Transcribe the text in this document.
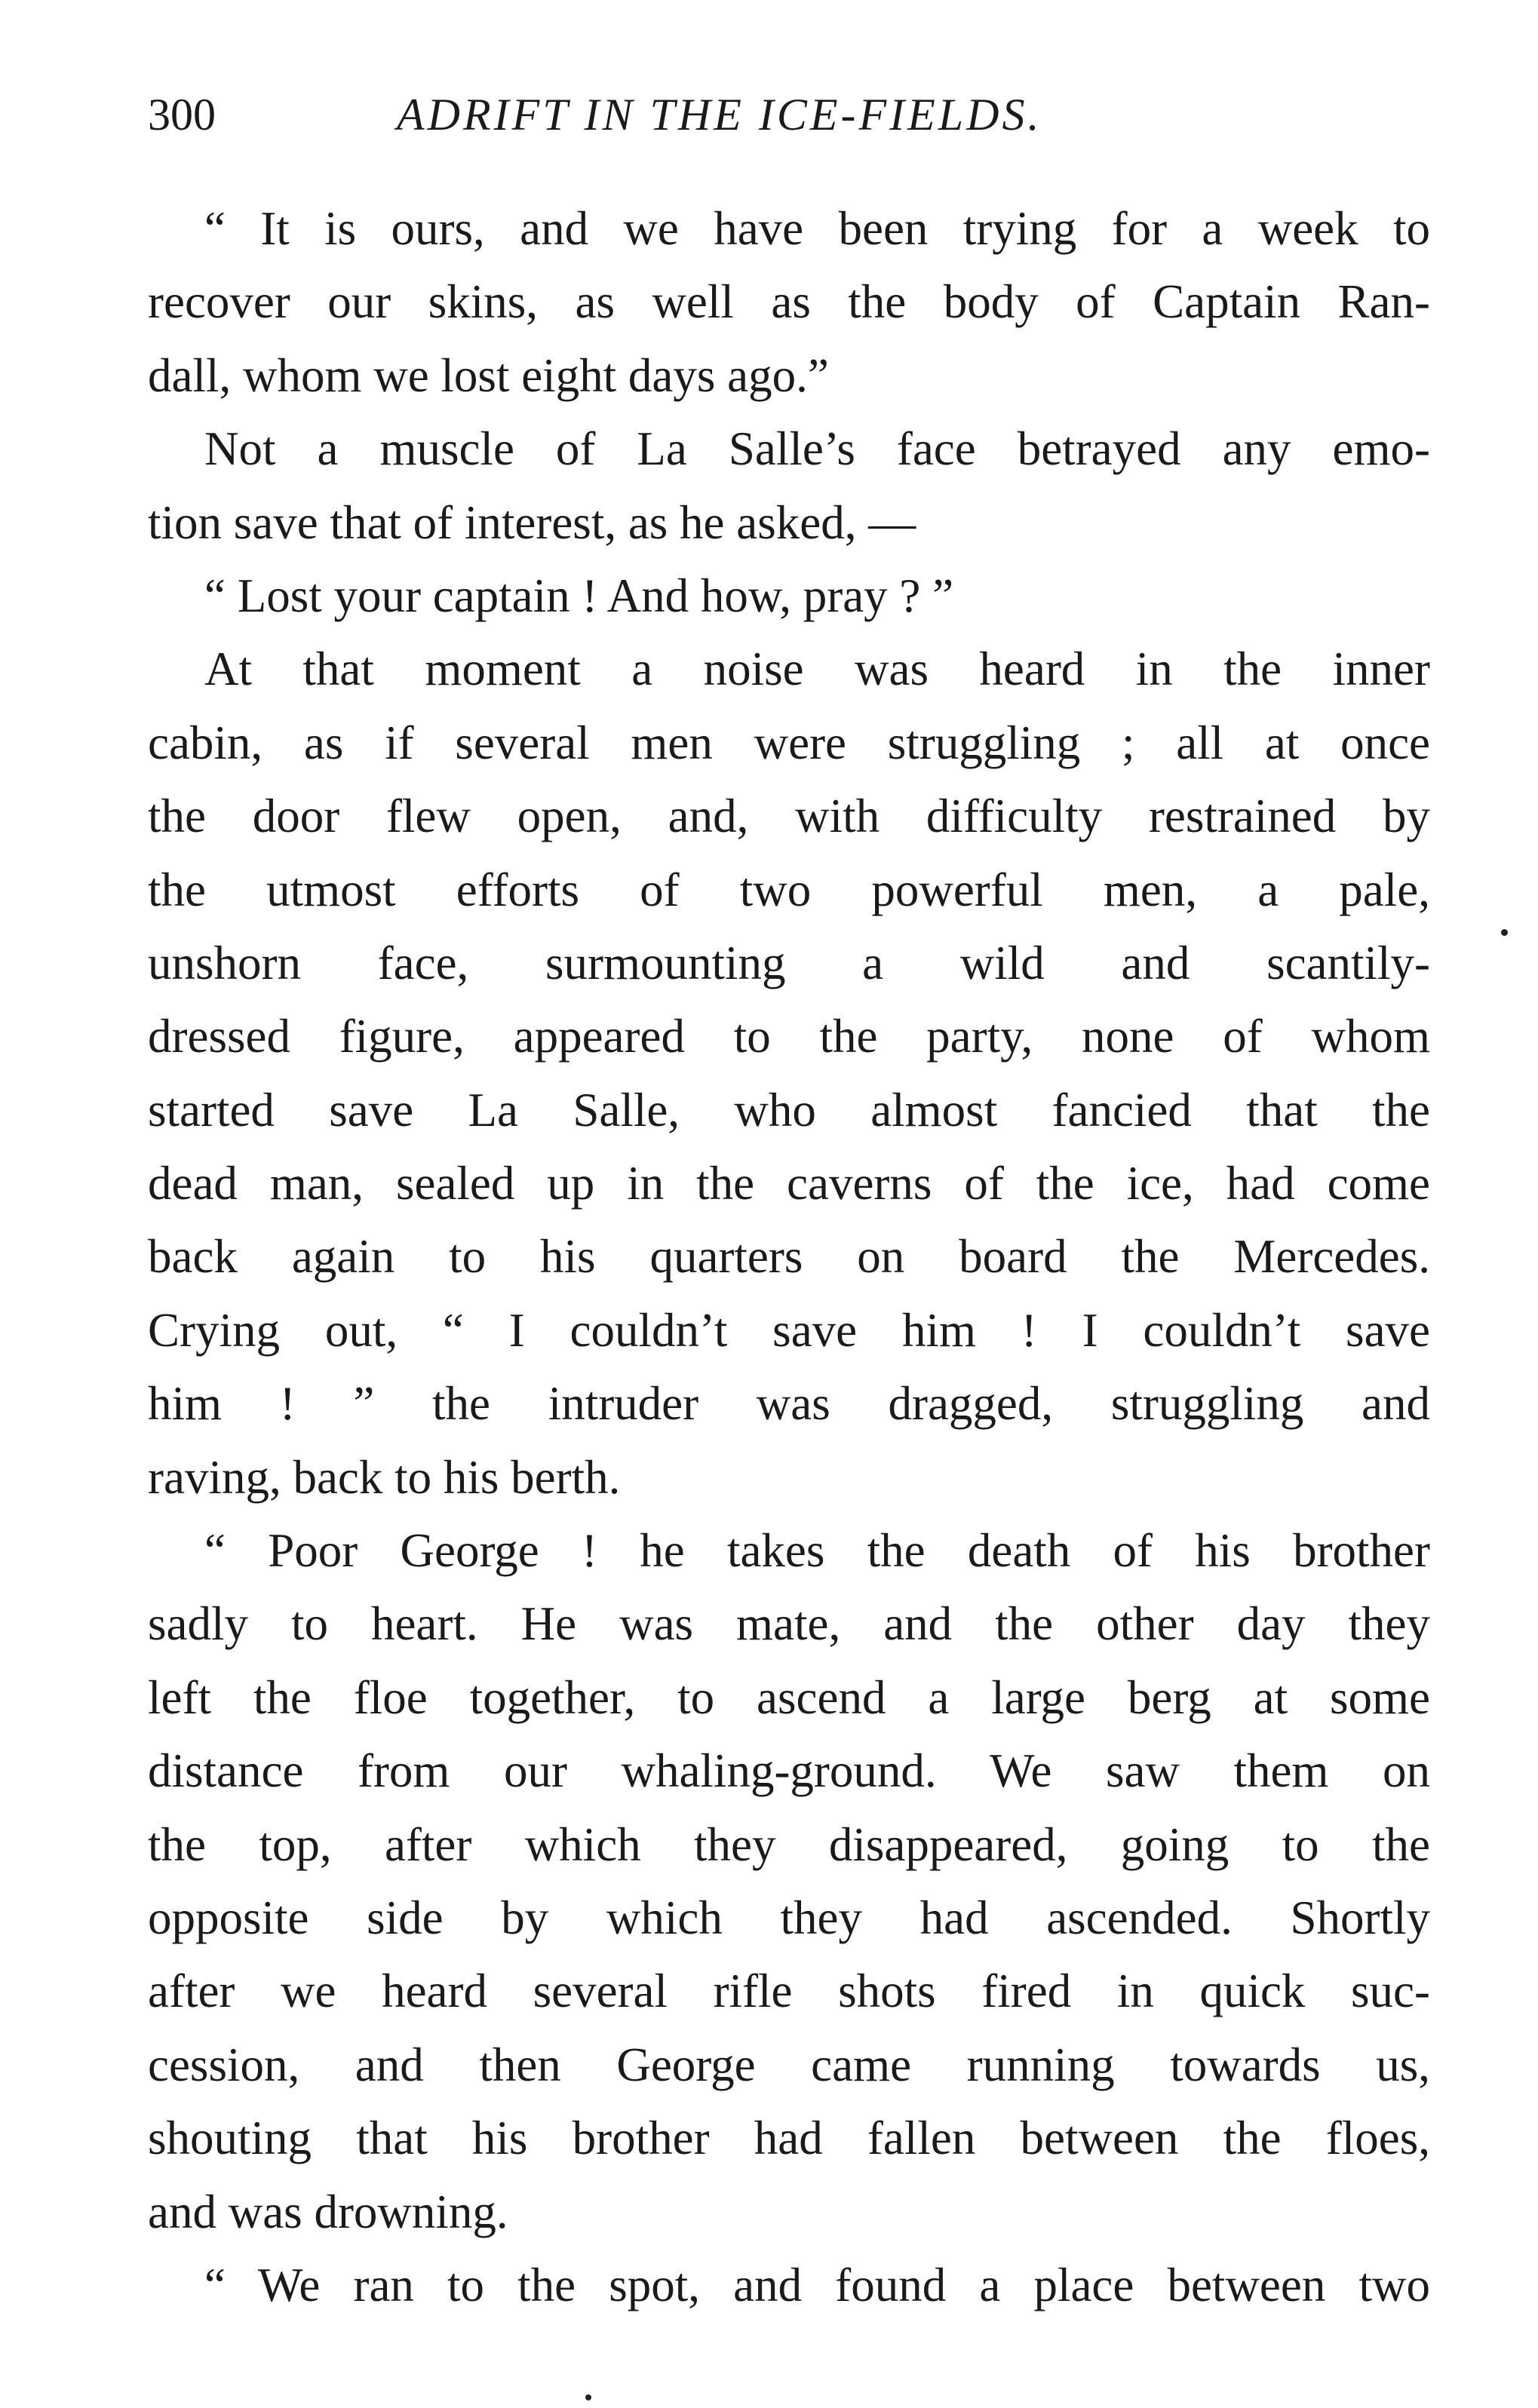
300	ADRIFT IN THE ICE-FIELDS.
“ It is ours, and we have been trying for a week to
recover our skins, as well as the body of Captain Ran-
dall, whom we lost eight days ago.”
Not a muscle of La Salle’s face betrayed any emo-
tion save that of interest, as he asked, —
“ Lost your captain ! And how, pray ? ”
At that moment a noise was heard in the inner
cabin, as if several men were struggling ; all at once
the door flew open, and, with difficulty restrained by
the utmost efforts of two powerful men, a pale,
unshorn face, surmounting a wild and scantily-
dressed figure, appeared to the party, none of whom
started save La Salle, who almost fancied that the
dead man, sealed up in the caverns of the ice, had come
back again to his quarters on board the Mercedes.
Crying out, “ I couldn’t save him ! I couldn’t save
him ! ” the intruder was dragged, struggling and
raving, back to his berth.
“ Poor George ! he takes the death of his brother
sadly to heart. He was mate, and the other day they
left the floe together, to ascend a large berg at some
distance from our whaling-ground. We saw them on
the top, after which they disappeared, going to the
opposite side by which they had ascended. Shortly
after we heard several rifle shots fired in quick suc-
cession, and then George came running towards us,
shouting that his brother had fallen between the floes,
and was drowning.
“ We ran to the spot, and found a place between two
